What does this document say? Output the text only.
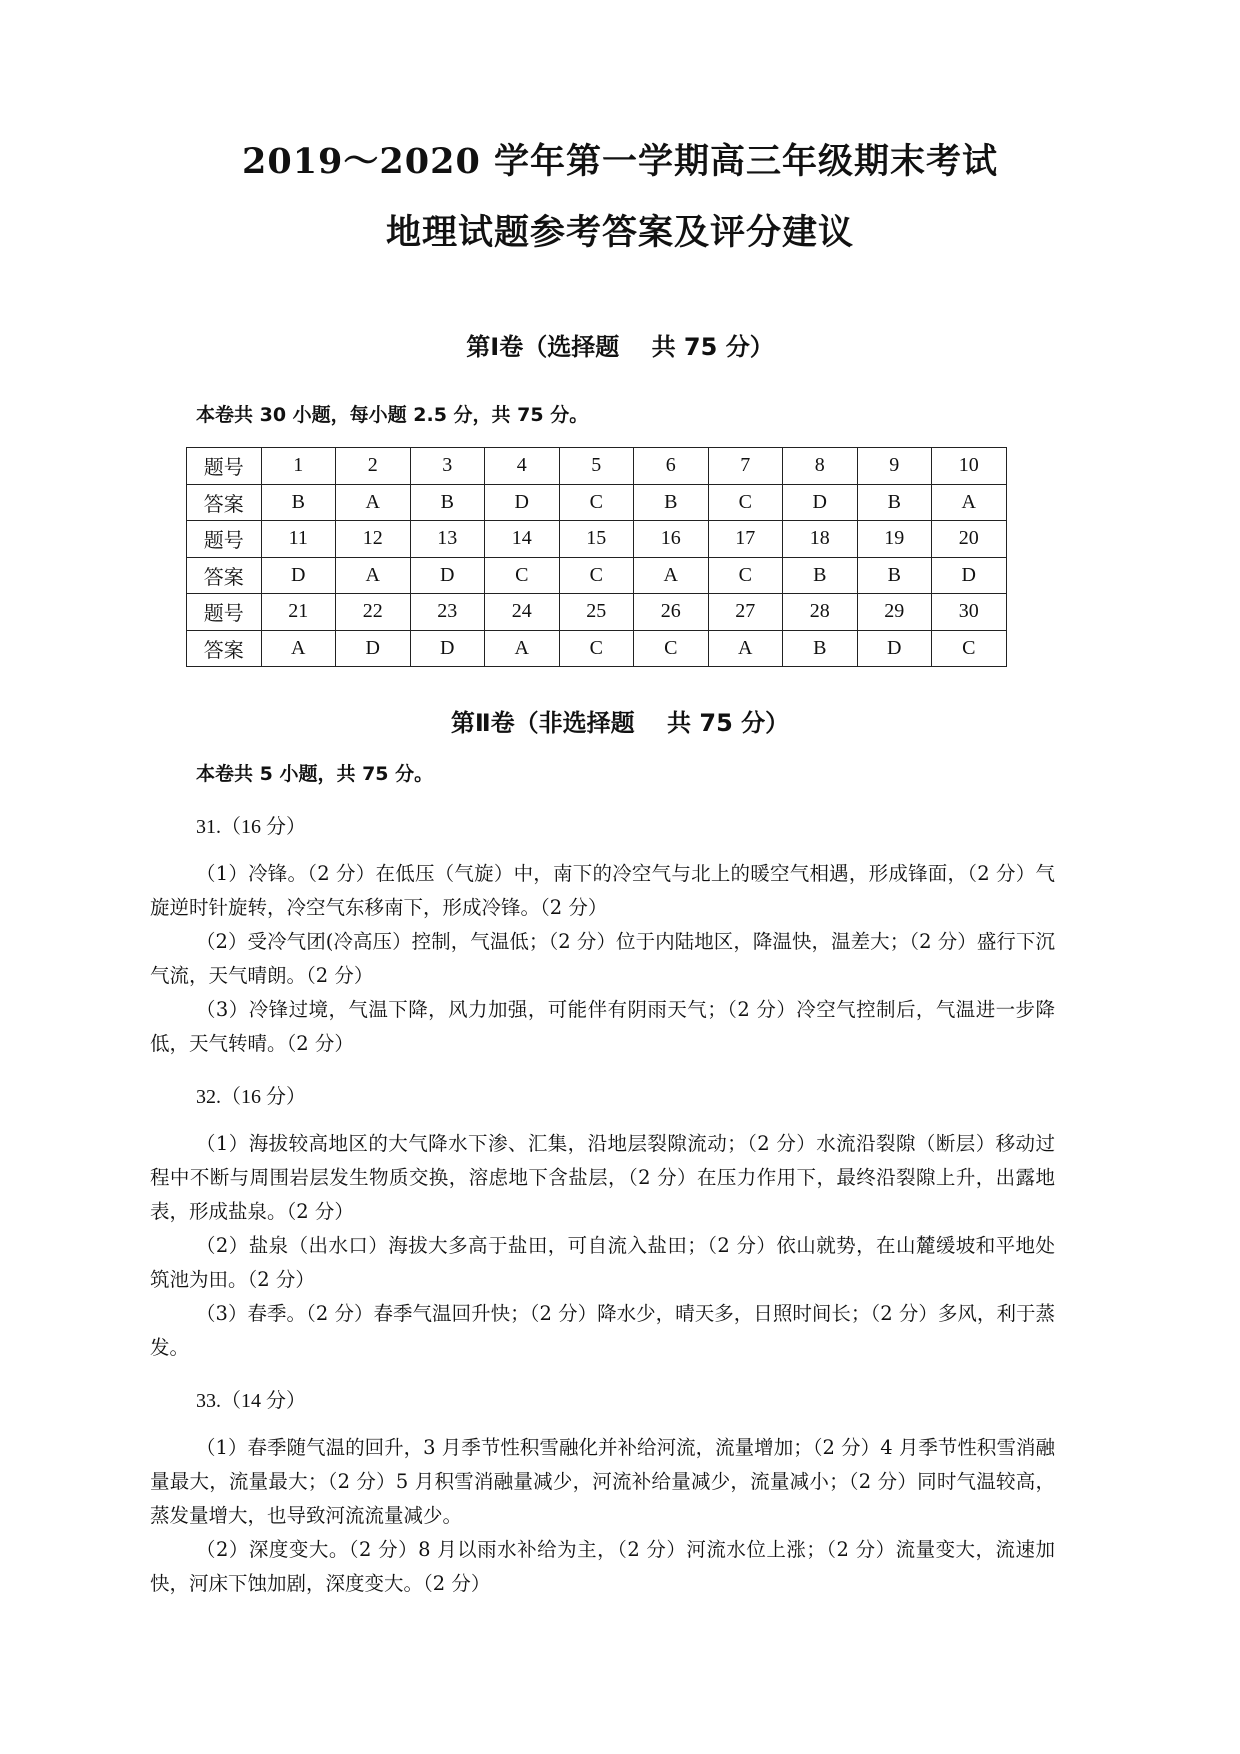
2019～2020 学年第一学期高三年级期末考试
地理试题参考答案及评分建议
第Ⅰ卷（选择题　 共 75 分）
本卷共 30 小题，每小题 2.5 分，共 75 分。
题号	1	2	3	4	5	6	7	8	9	10
答案	B	A	B	D	C	B	C	D	B	A
题号	11	12	13	14	15	16	17	18	19	20
答案	D	A	D	C	C	A	C	B	B	D
题号	21	22	23	24	25	26	27	28	29	30
答案	A	D	D	A	C	C	A	B	D	C
第Ⅱ卷（非选择题　 共 75 分）
本卷共 5 小题，共 75 分。
31.（16 分）

（1）冷锋。（2 分）在低压（气旋）中，南下的冷空气与北上的暖空气相遇，形成锋面，（2 分）气旋逆时针旋转，冷空气东移南下，形成冷锋。（2 分）

（2）受冷气团(冷高压）控制，气温低；（2 分）位于内陆地区，降温快，温差大；（2 分）盛行下沉气流，天气晴朗。（2 分）

（3）冷锋过境，气温下降，风力加强，可能伴有阴雨天气；（2 分）冷空气控制后，气温进一步降低，天气转晴。（2 分）

32.（16 分）

（1）海拔较高地区的大气降水下渗、汇集，沿地层裂隙流动；（2 分）水流沿裂隙（断层）移动过程中不断与周围岩层发生物质交换，溶虑地下含盐层，（2 分）在压力作用下，最终沿裂隙上升，出露地表，形成盐泉。（2 分）

（2）盐泉（出水口）海拔大多高于盐田，可自流入盐田；（2 分）依山就势，在山麓缓坡和平地处筑池为田。（2 分）

（3）春季。（2 分）春季气温回升快；（2 分）降水少，晴天多，日照时间长；（2 分）多风，利于蒸发。

33.（14 分）

（1）春季随气温的回升，3 月季节性积雪融化并补给河流，流量增加；（2 分）4 月季节性积雪消融量最大，流量最大；（2 分）5 月积雪消融量减少，河流补给量减少，流量减小；（2 分）同时气温较高，蒸发量增大，也导致河流流量减少。

（2）深度变大。（2 分）8 月以雨水补给为主，（2 分）河流水位上涨；（2 分）流量变大，流速加快，河床下蚀加剧，深度变大。（2 分）
